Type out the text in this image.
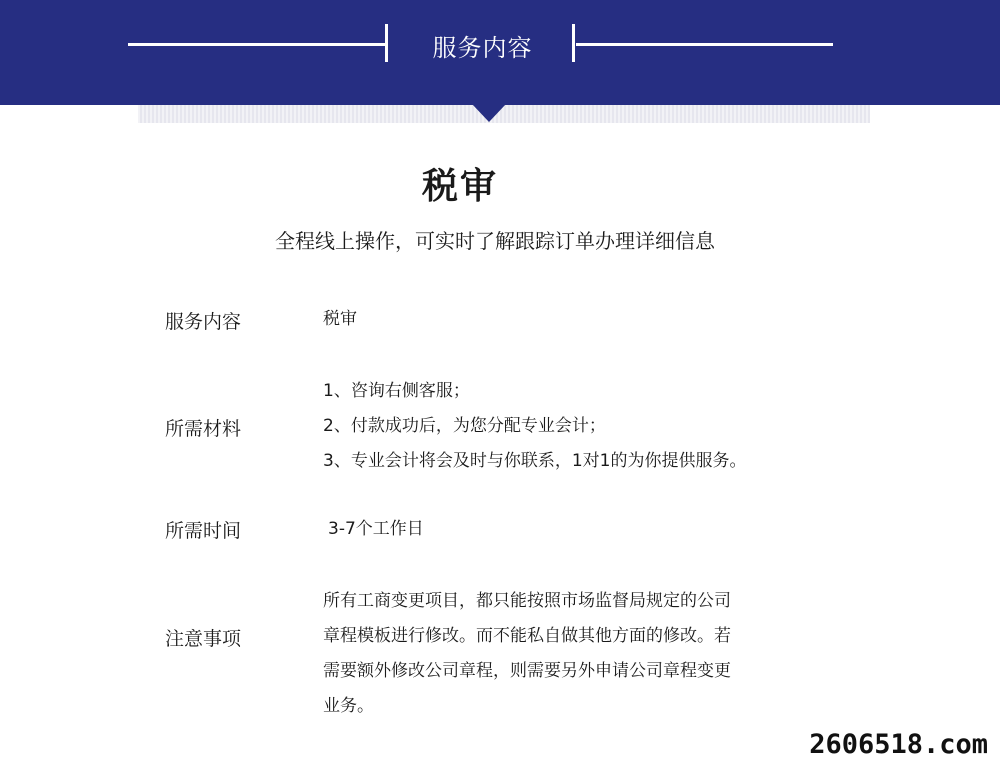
服务内容
税审
全程线上操作，可实时了解跟踪订单办理详细信息
服务内容	税审
所需材料

1、咨询右侧客服；

2、付款成功后，为您分配专业会计；

3、专业会计将会及时与你联系，1对1的为你提供服务。

所需时间	3-7个工作日
注意事项

所有工商变更项目，都只能按照市场监督局规定的公司

章程模板进行修改。而不能私自做其他方面的修改。若

需要额外修改公司章程，则需要另外申请公司章程变更

业务。

2606518.com
